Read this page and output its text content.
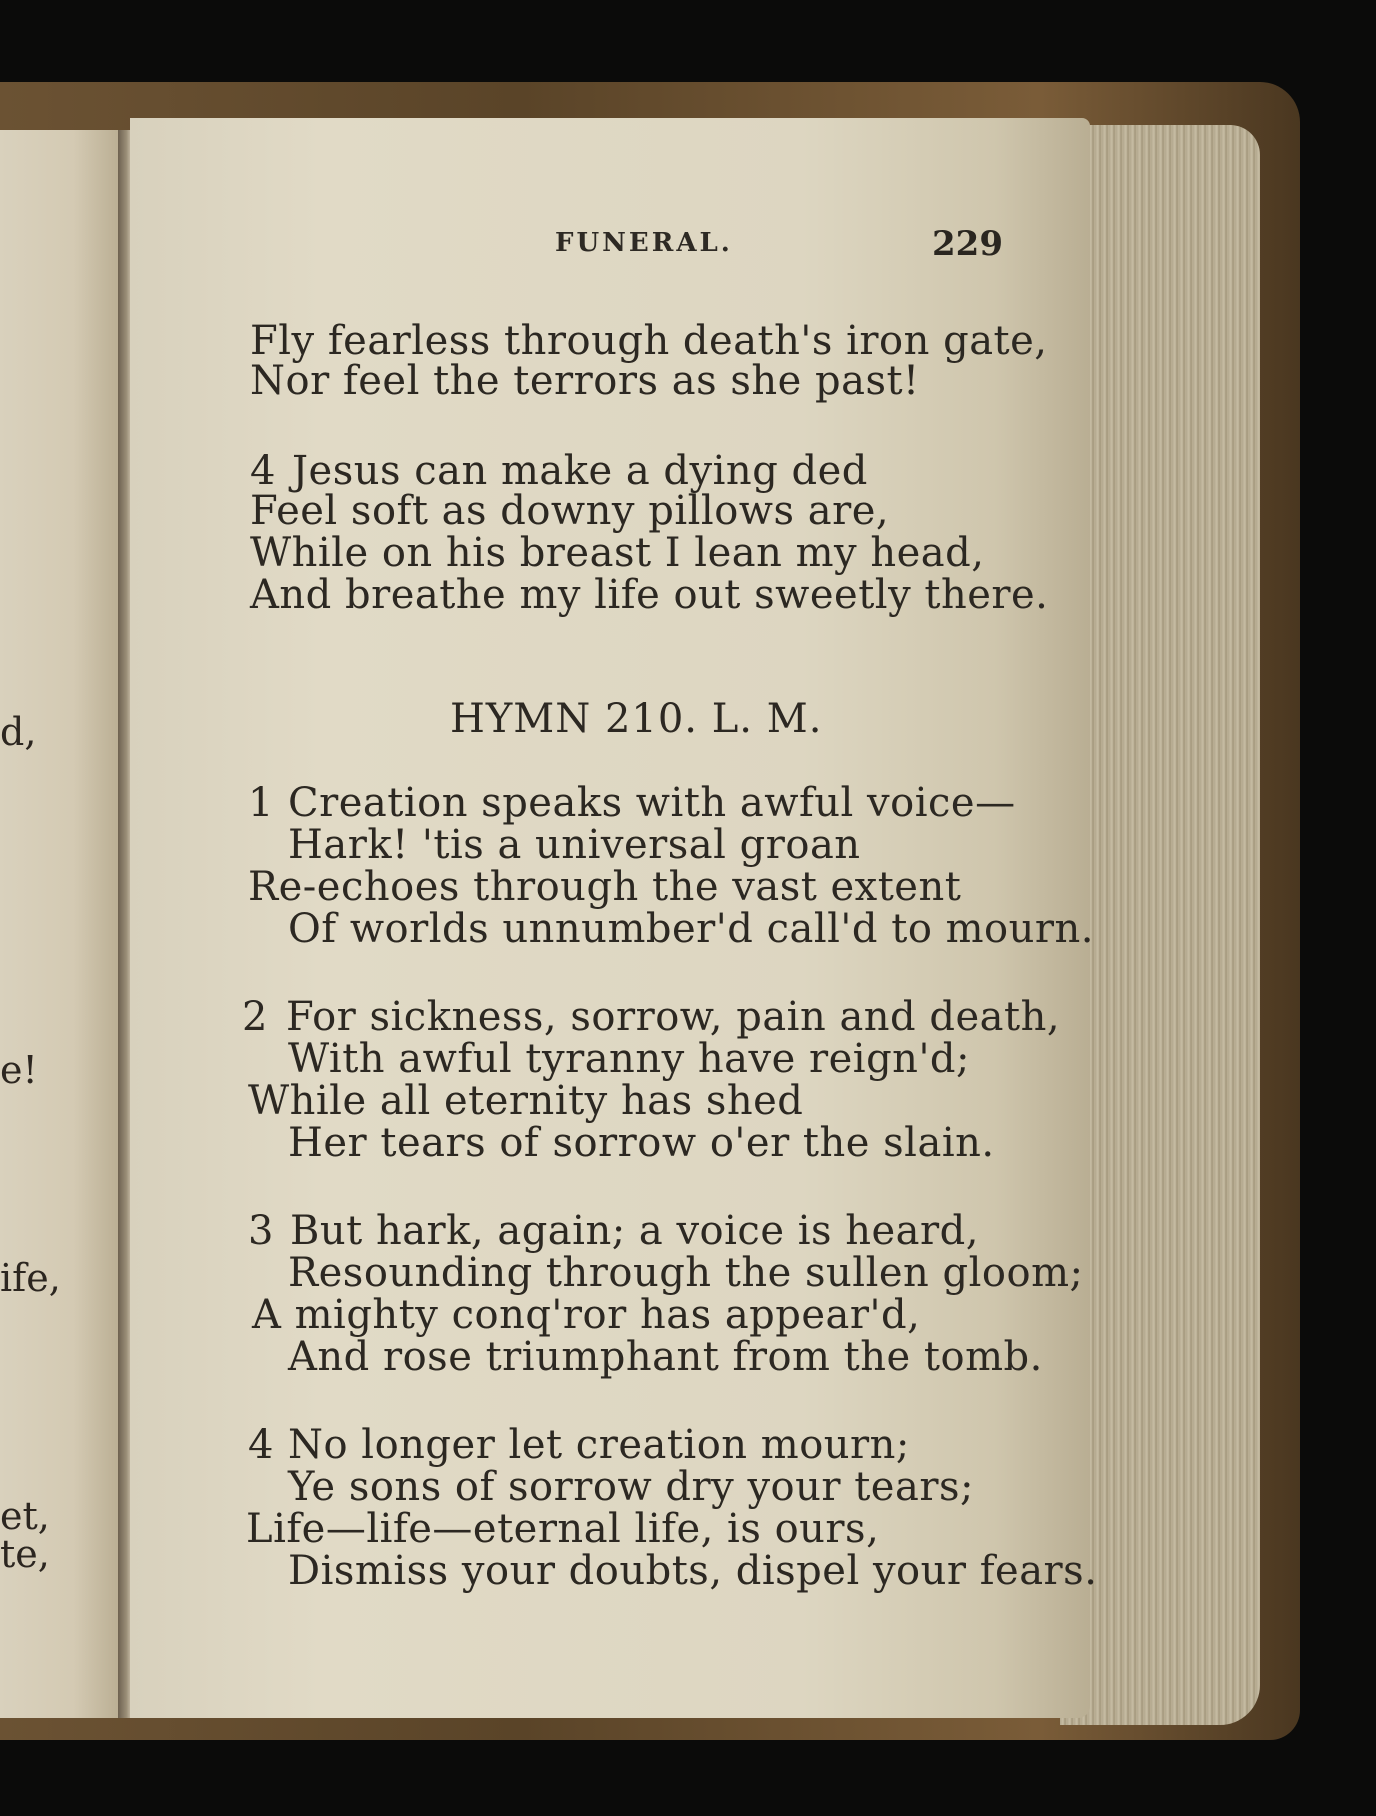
d,
e!
ife,
et,
te,
FUNERAL.	229
Fly fearless through death's iron gate,
Nor feel the terrors as she past!
4 Jesus can make a dying ded
Feel soft as downy pillows are,
While on his breast I lean my head,
And breathe my life out sweetly there.
HYMN 210. L. M.
1 Creation speaks with awful voice—
Hark! 'tis a universal groan
Re-echoes through the vast extent
Of worlds unnumber'd call'd to mourn.
2 For sickness, sorrow, pain and death,
With awful tyranny have reign'd;
While all eternity has shed
Her tears of sorrow o'er the slain.
3 But hark, again; a voice is heard,
Resounding through the sullen gloom;
A mighty conq'ror has appear'd,
And rose triumphant from the tomb.
4 No longer let creation mourn;
Ye sons of sorrow dry your tears;
Life—life—eternal life, is ours,
Dismiss your doubts, dispel your fears.
